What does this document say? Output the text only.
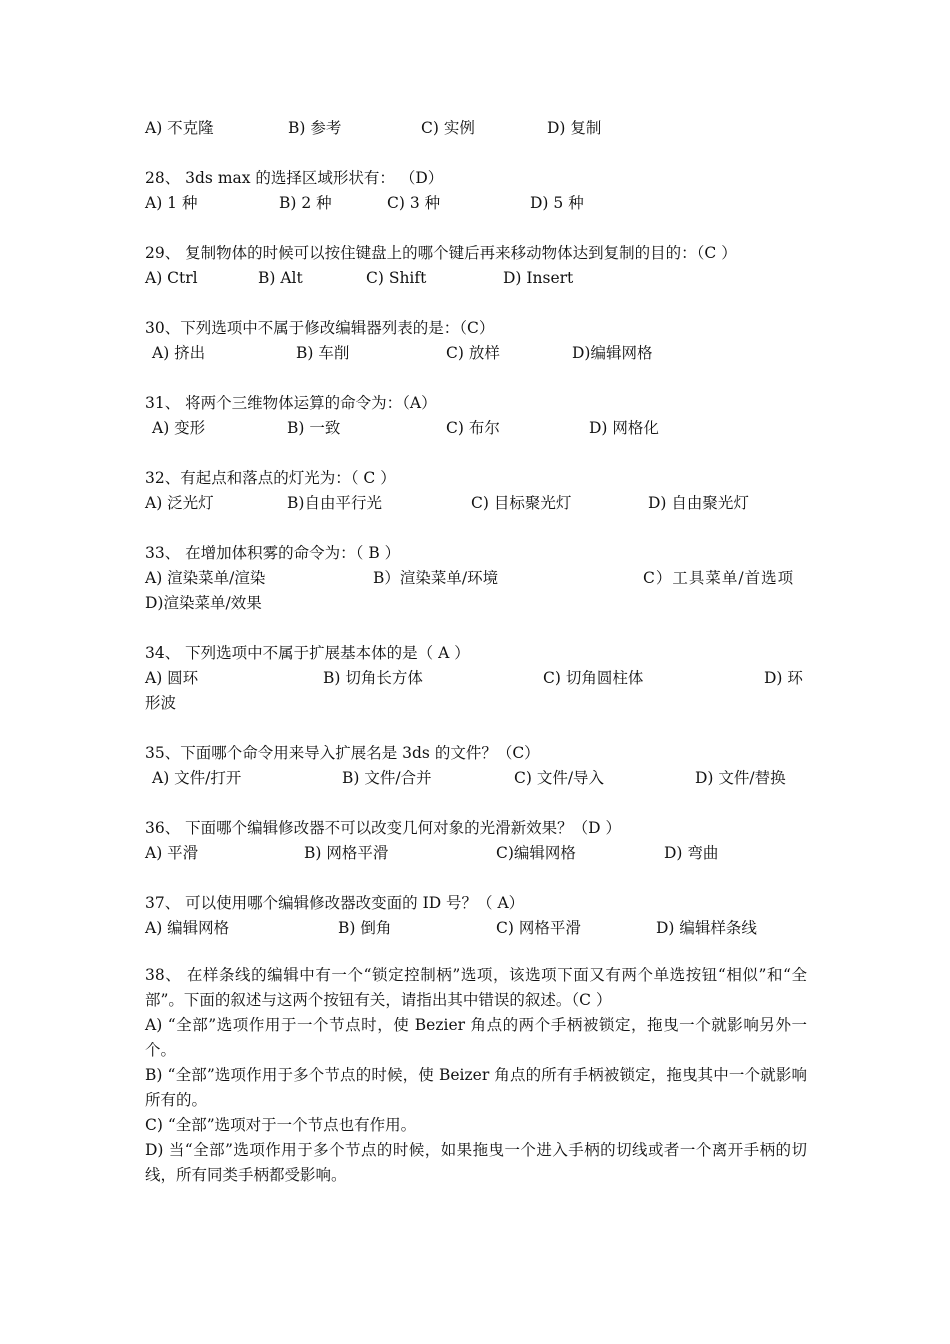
A) 不克隆	B) 参考	C) 实例	D) 复制
28、 3ds max 的选择区域形状有： （D）
A) 1 种	B) 2 种	C) 3 种	D) 5 种
29、 复制物体的时候可以按住键盘上的哪个键后再来移动物体达到复制的目的：（C ）
A) Ctrl	B) Alt	C) Shift	D) Insert
30、下列选项中不属于修改编辑器列表的是：（C）
A) 挤出	B) 车削	C) 放样	D)编辑网格
31、 将两个三维物体运算的命令为：（A）
A) 变形	B) 一致	C) 布尔	D) 网格化
32、有起点和落点的灯光为：（ C ）
A) 泛光灯	B)自由平行光	C) 目标聚光灯	D) 自由聚光灯
33、 在增加体积雾的命令为：（ B ）
A) 渲染菜单/渲染	B）渲染菜单/环境	C）工具菜单/首选项
D)渲染菜单/效果
34、 下列选项中不属于扩展基本体的是（ A ）
A) 圆环	B) 切角长方体	C) 切角圆柱体	D) 环
形波
35、下面哪个命令用来导入扩展名是 3ds 的文件？（C）
A) 文件/打开	B) 文件/合并	C) 文件/导入	D) 文件/替换
36、 下面哪个编辑修改器不可以改变几何对象的光滑新效果？（D ）
A) 平滑	B) 网格平滑	C)编辑网格	D) 弯曲
37、 可以使用哪个编辑修改器改变面的 ID 号？（ A）
A) 编辑网格	B) 倒角	C) 网格平滑	D) 编辑样条线
38、 在样条线的编辑中有一个“锁定控制柄”选项，该选项下面又有两个单选按钮“相似”和“全部”。下面的叙述与这两个按钮有关，请指出其中错误的叙述。（C ）
A) “全部”选项作用于一个节点时，使 Bezier 角点的两个手柄被锁定，拖曳一个就影响另外一个。
B) “全部”选项作用于多个节点的时候，使 Beizer 角点的所有手柄被锁定，拖曳其中一个就影响所有的。
C) “全部”选项对于一个节点也有作用。
D) 当“全部”选项作用于多个节点的时候，如果拖曳一个进入手柄的切线或者一个离开手柄的切线，所有同类手柄都受影响。
